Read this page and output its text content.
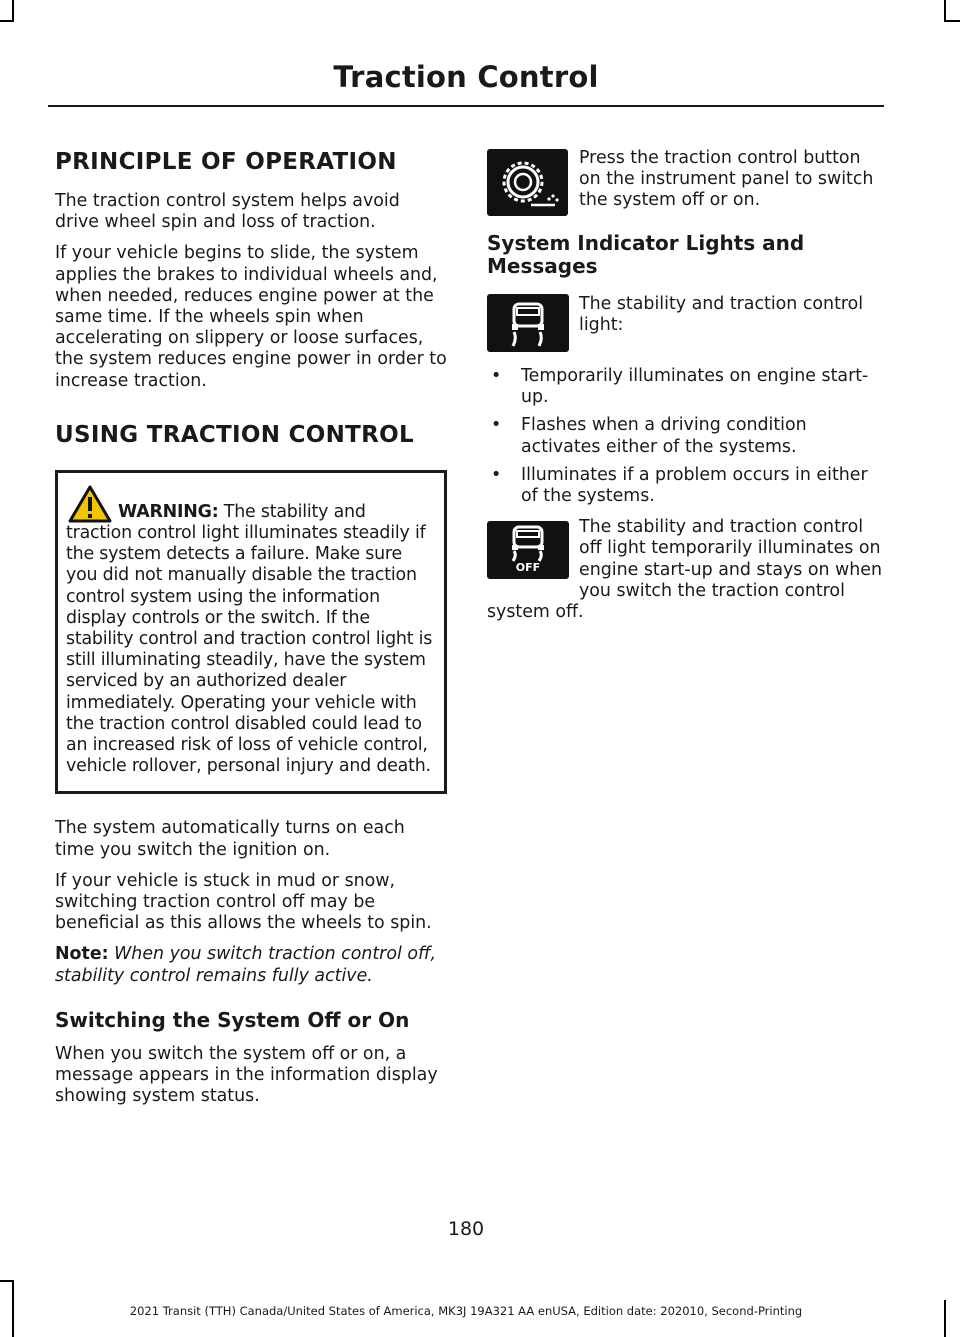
Traction Control
PRINCIPLE OF OPERATION

The traction control system helps avoid drive wheel spin and loss of traction.

If your vehicle begins to slide, the system applies the brakes to individual wheels and, when needed, reduces engine power at the same time. If the wheels spin when accelerating on slippery or loose surfaces, the system reduces engine power in order to increase traction.

USING TRACTION CONTROL

WARNING: The stability and traction control light illuminates steadily if the system detects a failure. Make sure you did not manually disable the traction control system using the information display controls or the switch. If the stability control and traction control light is still illuminating steadily, have the system serviced by an authorized dealer immediately. Operating your vehicle with the traction control disabled could lead to an increased risk of loss of vehicle control, vehicle rollover, personal injury and death.

The system automatically turns on each time you switch the ignition on.

If your vehicle is stuck in mud or snow, switching traction control off may be beneficial as this allows the wheels to spin.

Note: When you switch traction control off, stability control remains fully active.

Switching the System Off or On

When you switch the system off or on, a message appears in the information display showing system status.

Press the traction control button on the instrument panel to switch the system off or on.

System Indicator Lights and Messages

The stability and traction control light:

• Temporarily illuminates on engine start-up.
• Flashes when a driving condition activates either of the systems.
• Illuminates if a problem occurs in either of the systems.
OFF

The stability and traction control off light temporarily illuminates on engine start-up and stays on when you switch the traction control system off.

180
2021 Transit (TTH) Canada/United States of America, MK3J 19A321 AA enUSA, Edition date: 202010, Second-Printing
